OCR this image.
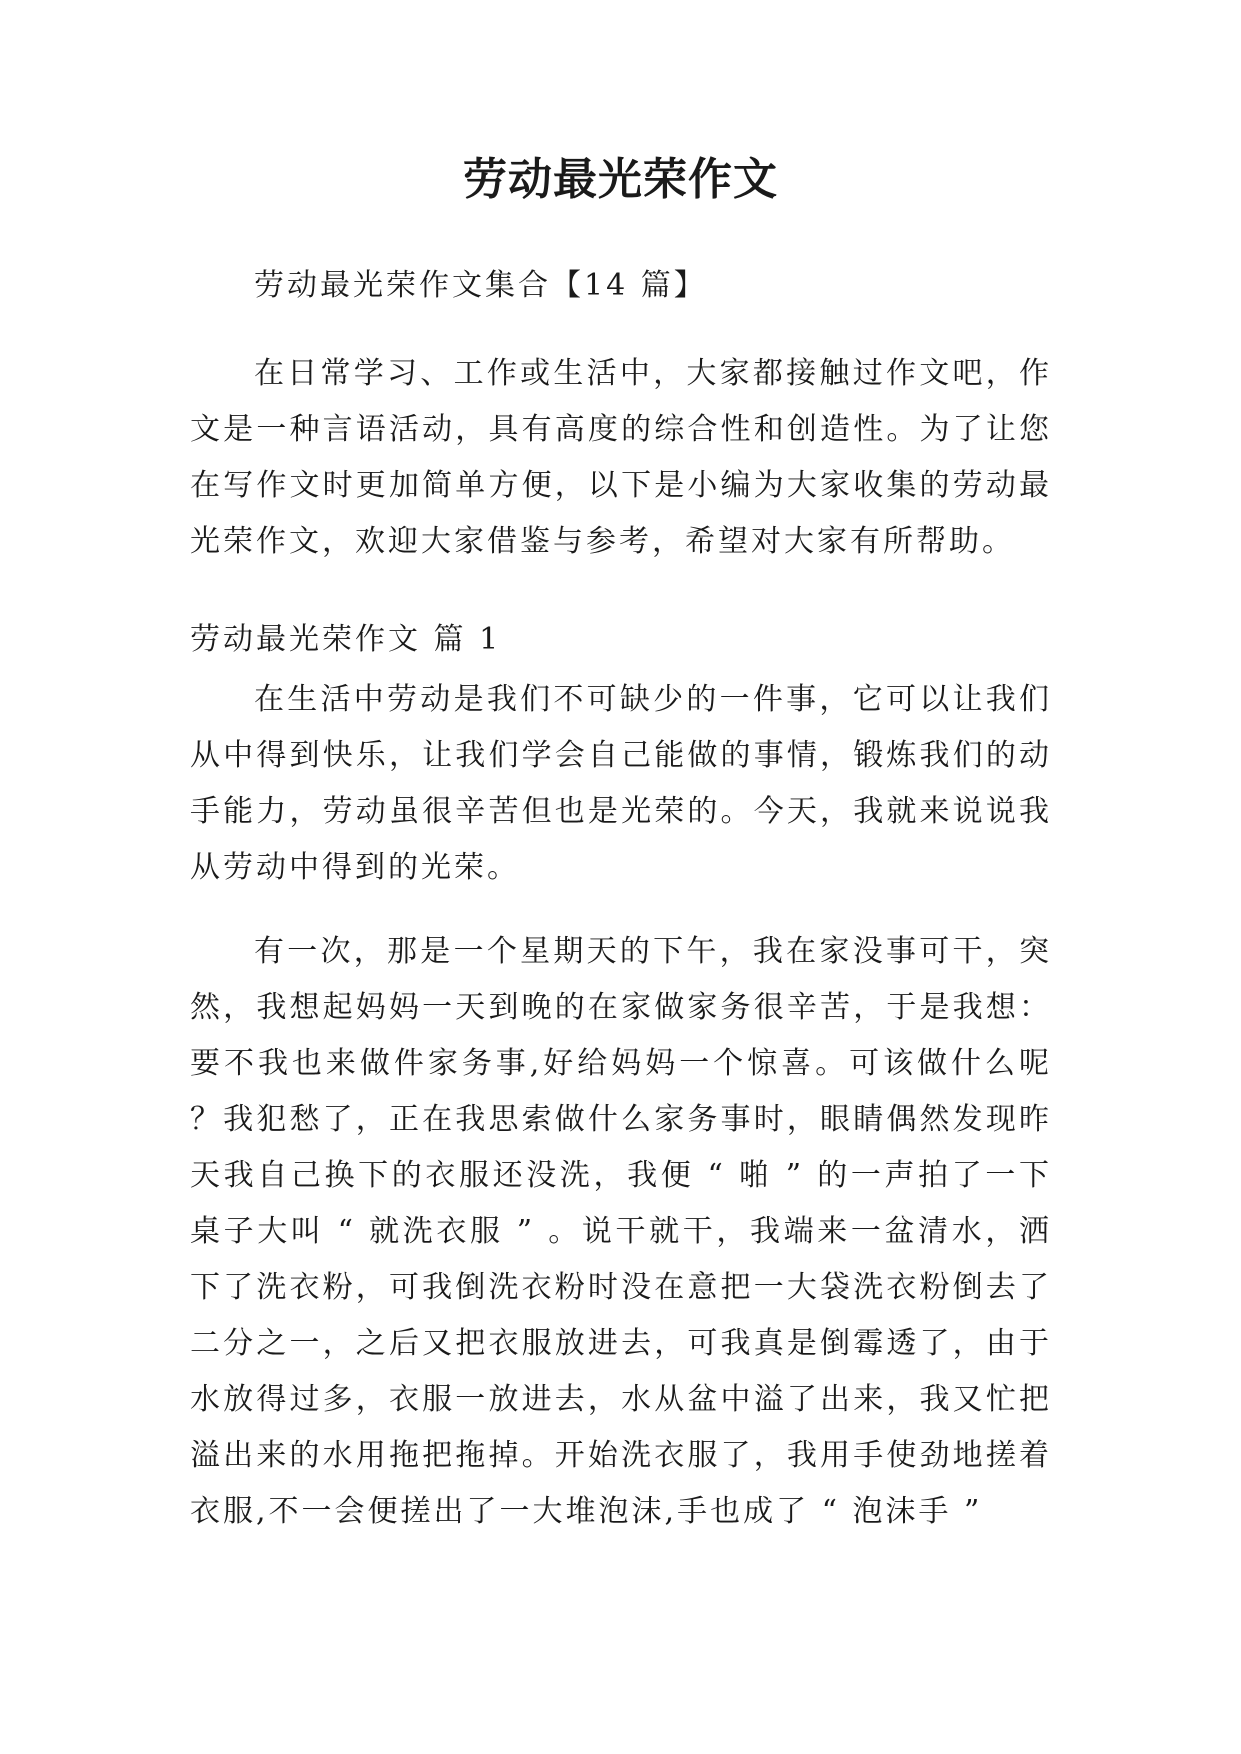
劳动最光荣作文

劳动最光荣作文集合【14 篇】

在日常学习、工作或生活中，大家都接触过作文吧，作文是一种言语活动，具有高度的综合性和创造性。为了让您在写作文时更加简单方便，以下是小编为大家收集的劳动最光荣作文，欢迎大家借鉴与参考，希望对大家有所帮助。

劳动最光荣作文 篇 1

在生活中劳动是我们不可缺少的一件事，它可以让我们从中得到快乐，让我们学会自己能做的事情，锻炼我们的动手能力，劳动虽很辛苦但也是光荣的。今天，我就来说说我从劳动中得到的光荣。

有一次，那是一个星期天的下午，我在家没事可干，突然，我想起妈妈一天到晚的在家做家务很辛苦，于是我想：要不我也来做件家务事,好给妈妈一个惊喜。可该做什么呢 ？我犯愁了，正在我思索做什么家务事时，眼睛偶然发现昨天我自己换下的衣服还没洗，我便 “ 啪 ” 的一声拍了一下桌子大叫 “ 就洗衣服 ” 。说干就干，我端来一盆清水，洒下了洗衣粉，可我倒洗衣粉时没在意把一大袋洗衣粉倒去了二分之一，之后又把衣服放进去，可我真是倒霉透了，由于水放得过多，衣服一放进去，水从盆中溢了出来，我又忙把溢出来的水用拖把拖掉。开始洗衣服了，我用手使劲地搓着衣服,不一会便搓出了一大堆泡沫,手也成了 “ 泡沫手 ”
